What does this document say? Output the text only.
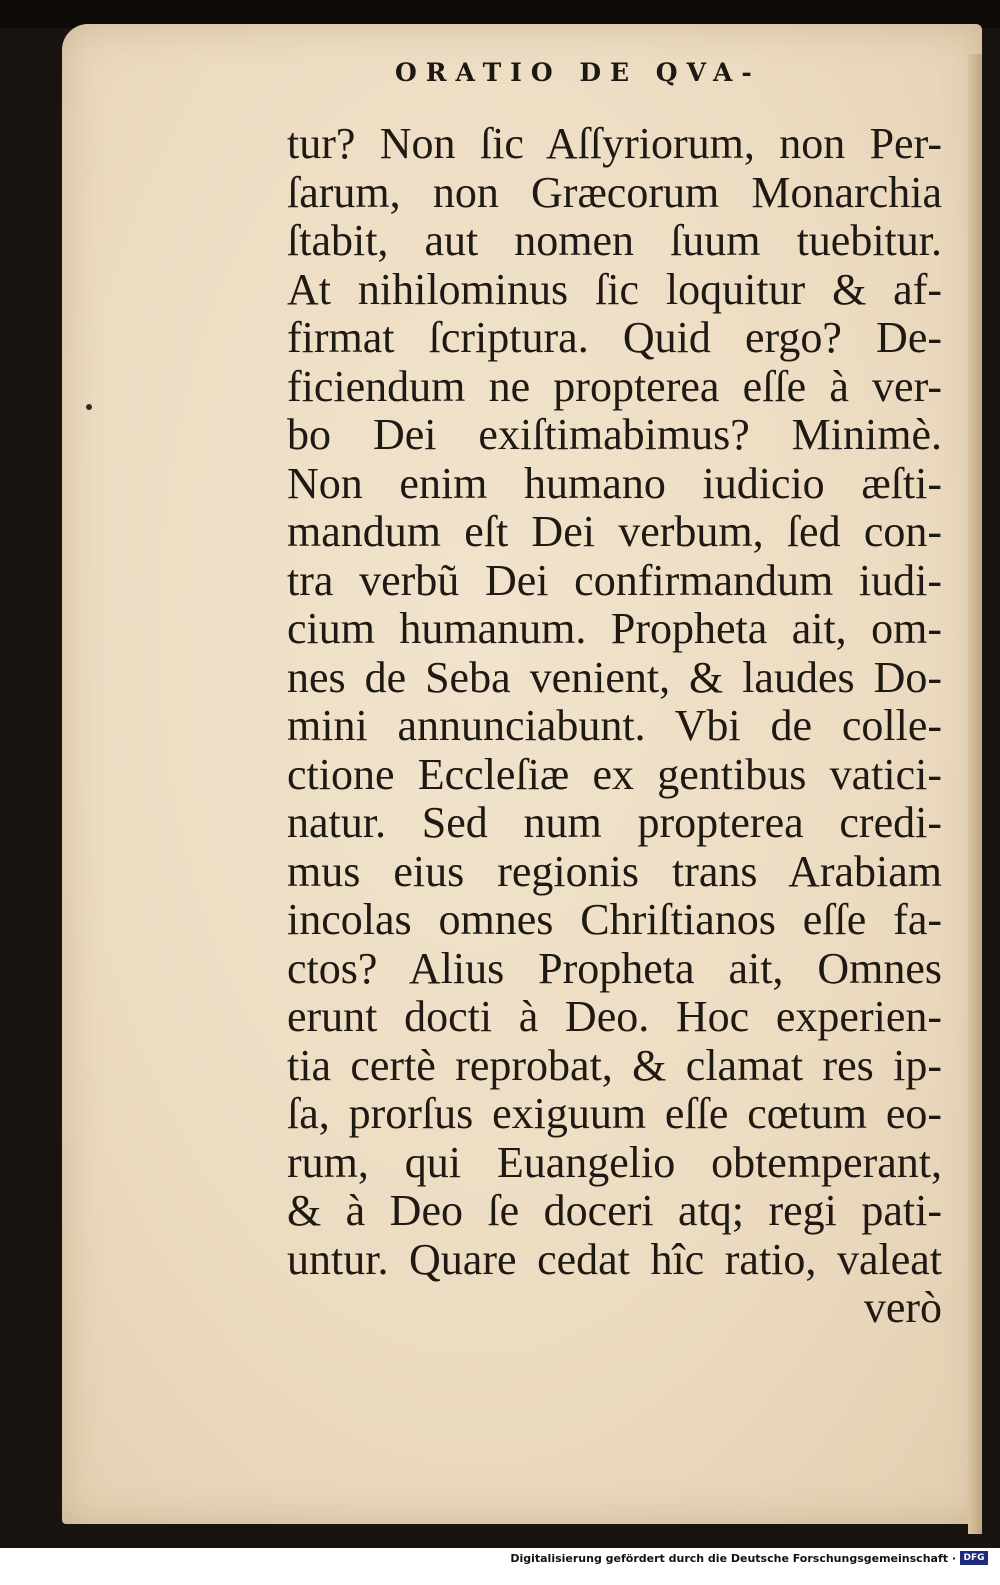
ORATIO DE QVA-
tur? Non ſic Aſſyriorum, non Per-
ſarum, non Græcorum Monarchia
ſtabit, aut nomen ſuum tuebitur.
At nihilominus ſic loquitur & af-
firmat ſcriptura. Quid ergo? De-
ficiendum ne propterea eſſe à ver-
bo Dei exiſtimabimus? Minimè.
Non enim humano iudicio æſti-
mandum eſt Dei verbum, ſed con-
tra verbũ Dei confirmandum iudi-
cium humanum. Propheta ait, om-
nes de Seba venient, & laudes Do-
mini annunciabunt. Vbi de colle-
ctione Eccleſiæ ex gentibus vatici-
natur. Sed num propterea credi-
mus eius regionis trans Arabiam
incolas omnes Chriſtianos eſſe fa-
ctos? Alius Propheta ait, Omnes
erunt docti à Deo. Hoc experien-
tia certè reprobat, & clamat res ip-
ſa, prorſus exiguum eſſe cœtum eo-
rum, qui Euangelio obtemperant,
& à Deo ſe doceri atq; regi pati-
untur. Quare cedat hîc ratio, valeat
verò
Digitalisierung gefördert durch die Deutsche Forschungsgemeinschaft · DFG
